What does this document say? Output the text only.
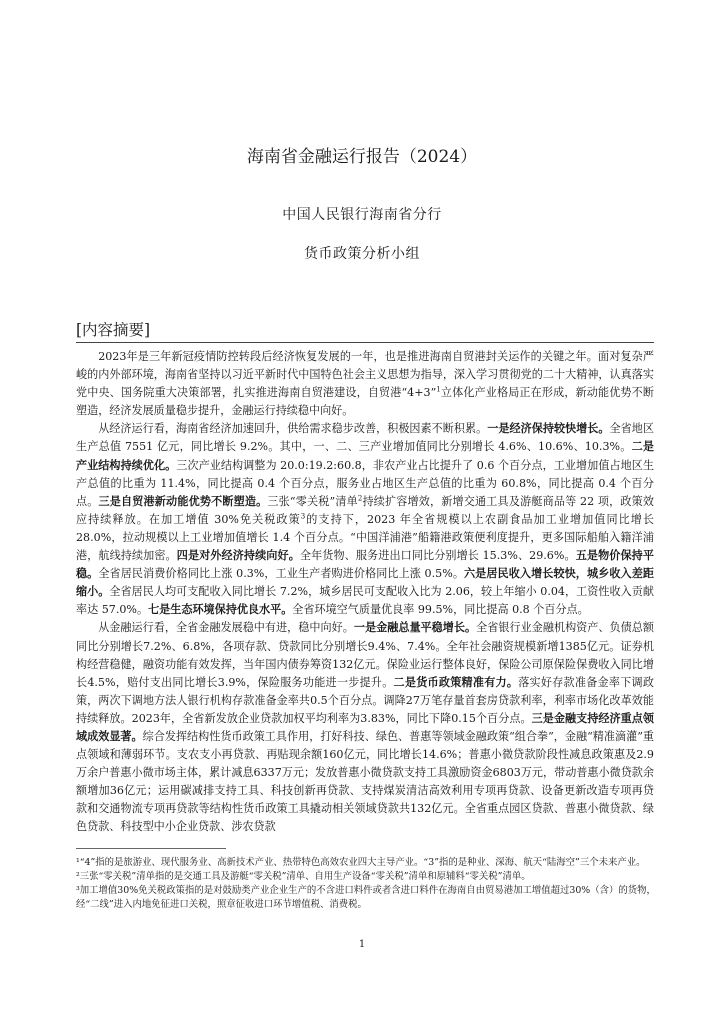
海南省金融运行报告（2024）
中国人民银行海南省分行
货币政策分析小组
[内容摘要]

2023年是三年新冠疫情防控转段后经济恢复发展的一年，也是推进海南自贸港封关运作的关键之年。面对复杂严峻的内外部环境，海南省坚持以习近平新时代中国特色社会主义思想为指导，深入学习贯彻党的二十大精神，认真落实党中央、国务院重大决策部署，扎实推进海南自贸港建设，自贸港“4+3”$^1$立体化产业格局正在形成，新动能优势不断塑造，经济发展质量稳步提升，金融运行持续稳中向好。

从经济运行看，海南省经济加速回升，供给需求稳步改善，积极因素不断积累。一是经济保持较快增长。全省地区生产总值 7551 亿元，同比增长 9.2%。其中，一、二、三产业增加值同比分别增长 4.6%、10.6%、10.3%。二是产业结构持续优化。三次产业结构调整为 20.0:19.2:60.8，非农产业占比提升了 0.6 个百分点，工业增加值占地区生产总值的比重为 11.4%，同比提高 0.4 个百分点，服务业占地区生产总值的比重为 60.8%，同比提高 0.4 个百分点。三是自贸港新动能优势不断塑造。三张“零关税”清单$^2$持续扩容增效，新增交通工具及游艇商品等 22 项，政策效应持续释放。在加工增值 30%免关税政策$^3$的支持下，2023 年全省规模以上农副食品加工业增加值同比增长 28.0%，拉动规模以上工业增加值增长 1.4 个百分点。“中国洋浦港”船籍港政策便利度提升，更多国际船舶入籍洋浦港，航线持续加密。四是对外经济持续向好。全年货物、服务进出口同比分别增长 15.3%、29.6%。五是物价保持平稳。全省居民消费价格同比上涨 0.3%，工业生产者购进价格同比上涨 0.5%。六是居民收入增长较快，城乡收入差距缩小。全省居民人均可支配收入同比增长 7.2%，城乡居民可支配收入比为 2.06，较上年缩小 0.04，工资性收入贡献率达 57.0%。七是生态环境保持优良水平。全省环境空气质量优良率 99.5%，同比提高 0.8 个百分点。

从金融运行看，全省金融发展稳中有进，稳中向好。一是金融总量平稳增长。全省银行业金融机构资产、负债总额同比分别增长7.2%、6.8%，各项存款、贷款同比分别增长9.4%、7.4%。全年社会融资规模新增1385亿元。证券机构经营稳健，融资功能有效发挥，当年国内债券筹资132亿元。保险业运行整体良好，保险公司原保险保费收入同比增长4.5%，赔付支出同比增长3.9%，保险服务功能进一步提升。二是货币政策精准有力。落实好存款准备金率下调政策，两次下调地方法人银行机构存款准备金率共0.5个百分点。调降27万笔存量首套房贷款利率，利率市场化改革效能持续释放。2023年，全省新发放企业贷款加权平均利率为3.83%，同比下降0.15个百分点。三是金融支持经济重点领域成效显著。综合发挥结构性货币政策工具作用，打好科技、绿色、普惠等领域金融政策“组合拳”，金融“精准滴灌”重点领域和薄弱环节。支农支小再贷款、再贴现余额160亿元，同比增长14.6%；普惠小微贷款阶段性减息政策惠及2.9万余户普惠小微市场主体，累计减息6337万元；发放普惠小微贷款支持工具激励资金6803万元，带动普惠小微贷款余额增加36亿元；运用碳减排支持工具、科技创新再贷款、支持煤炭清洁高效利用专项再贷款、设备更新改造专项再贷款和交通物流专项再贷款等结构性货币政策工具撬动相关领域贷款共132亿元。全省重点园区贷款、普惠小微贷款、绿色贷款、科技型中小企业贷款、涉农贷款

¹“4”指的是旅游业、现代服务业、高新技术产业、热带特色高效农业四大主导产业。“3”指的是种业、深海、航天“陆海空”三个未来产业。

²三张“零关税”清单指的是交通工具及游艇“零关税”清单、自用生产设备“零关税”清单和原辅料“零关税”清单。

³加工增值30%免关税政策指的是对鼓励类产业企业生产的不含进口料件或者含进口料件在海南自由贸易港加工增值超过30%（含）的货物，经“二线”进入内地免征进口关税，照章征收进口环节增值税、消费税。

1
